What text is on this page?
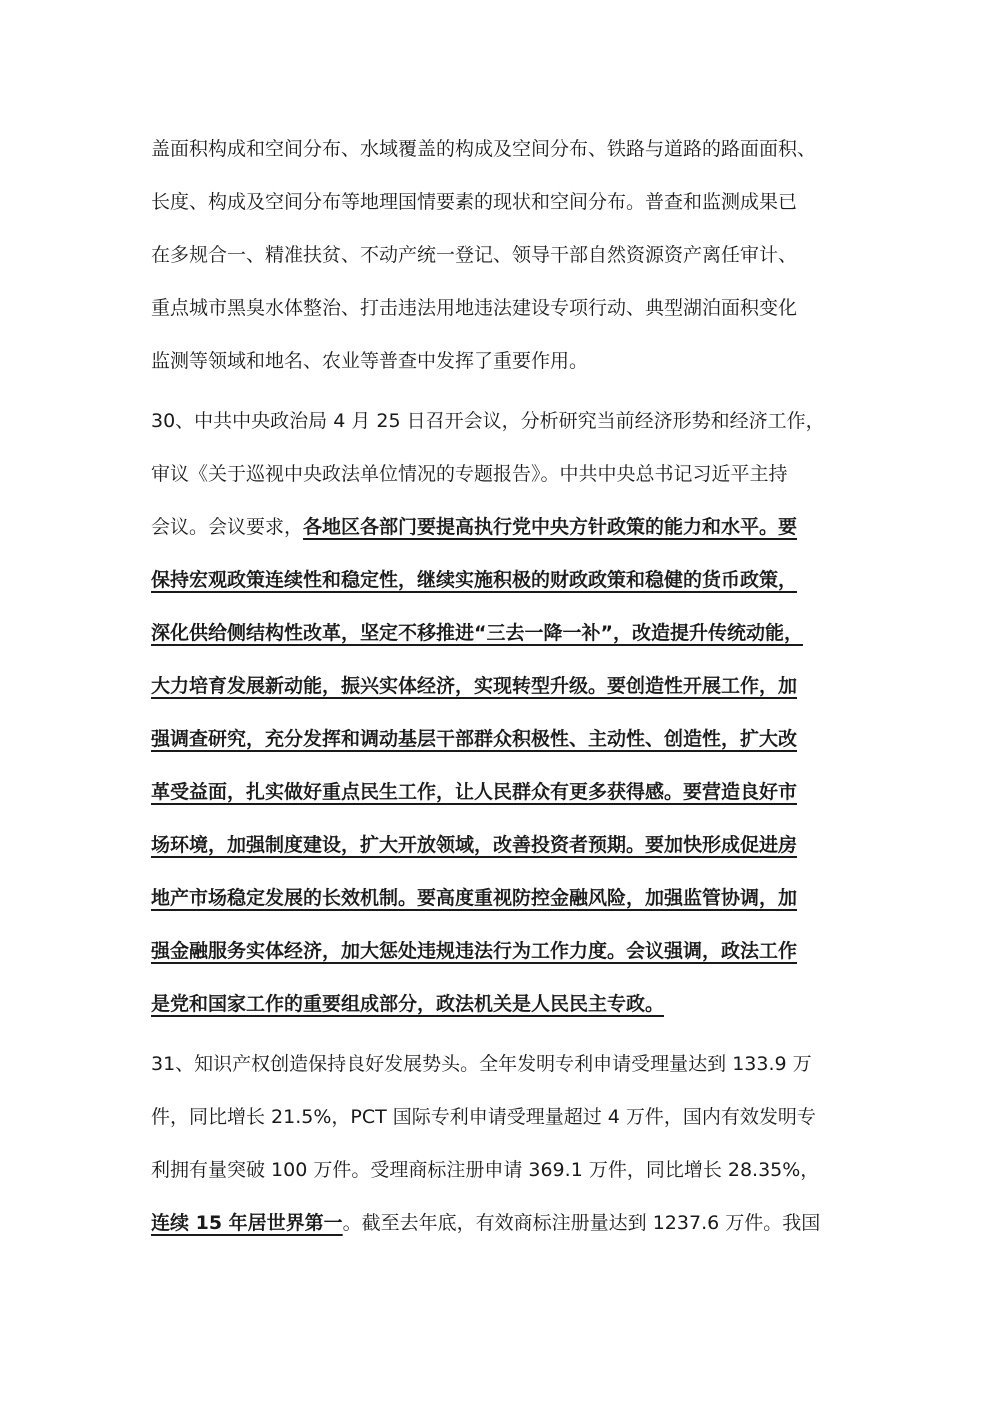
盖面积构成和空间分布、水域覆盖的构成及空间分布、铁路与道路的路面面积、
长度、构成及空间分布等地理国情要素的现状和空间分布。普查和监测成果已
在多规合一、精准扶贫、不动产统一登记、领导干部自然资源资产离任审计、
重点城市黑臭水体整治、打击违法用地违法建设专项行动、典型湖泊面积变化
监测等领域和地名、农业等普查中发挥了重要作用。
30、中共中央政治局 4 月 25 日召开会议，分析研究当前经济形势和经济工作，
审议《关于巡视中央政法单位情况的专题报告》。中共中央总书记习近平主持
会议。会议要求，各地区各部门要提高执行党中央方针政策的能力和水平。要
保持宏观政策连续性和稳定性，继续实施积极的财政政策和稳健的货币政策，
深化供给侧结构性改革，坚定不移推进“三去一降一补”，改造提升传统动能，
大力培育发展新动能，振兴实体经济，实现转型升级。要创造性开展工作，加
强调查研究，充分发挥和调动基层干部群众积极性、主动性、创造性，扩大改
革受益面，扎实做好重点民生工作，让人民群众有更多获得感。要营造良好市
场环境，加强制度建设，扩大开放领域，改善投资者预期。要加快形成促进房
地产市场稳定发展的长效机制。要高度重视防控金融风险，加强监管协调，加
强金融服务实体经济，加大惩处违规违法行为工作力度。会议强调，政法工作
是党和国家工作的重要组成部分，政法机关是人民民主专政。
31、知识产权创造保持良好发展势头。全年发明专利申请受理量达到 133.9 万
件，同比增长 21.5%，PCT 国际专利申请受理量超过 4 万件，国内有效发明专
利拥有量突破 100 万件。受理商标注册申请 369.1 万件，同比增长 28.35%，
连续 15 年居世界第一。截至去年底，有效商标注册量达到 1237.6 万件。我国
